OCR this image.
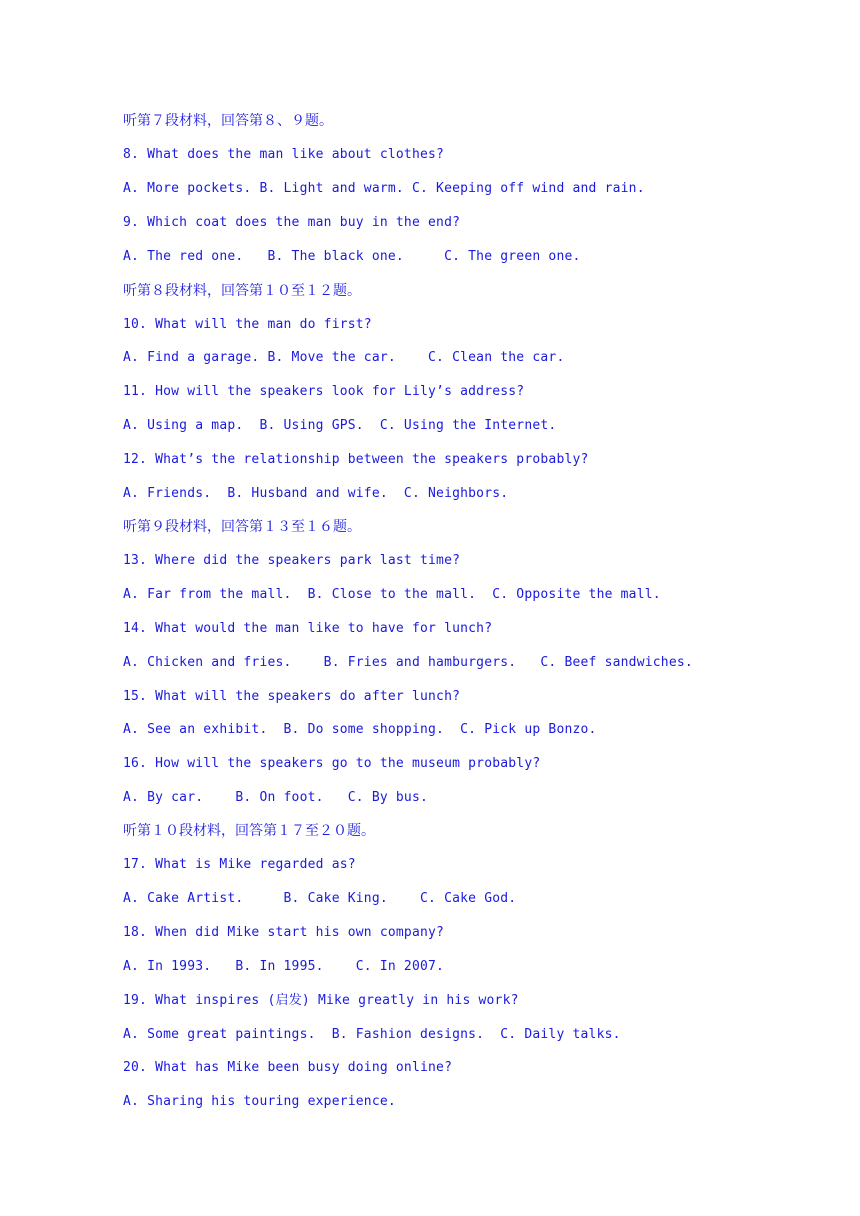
听第７段材料，回答第８、９题。
8. What does the man like about clothes?
A. More pockets. B. Light and warm. C. Keeping off wind and rain.
9. Which coat does the man buy in the end?
A. The red one.   B. The black one.     C. The green one.
听第８段材料，回答第１０至１２题。
10. What will the man do first?
A. Find a garage. B. Move the car.    C. Clean the car.
11. How will the speakers look for Lily’s address?
A. Using a map.  B. Using GPS.  C. Using the Internet.
12. What’s the relationship between the speakers probably?
A. Friends.  B. Husband and wife.  C. Neighbors.
听第９段材料，回答第１３至１６题。
13. Where did the speakers park last time?
A. Far from the mall.  B. Close to the mall.  C. Opposite the mall.
14. What would the man like to have for lunch?
A. Chicken and fries.    B. Fries and hamburgers.   C. Beef sandwiches.
15. What will the speakers do after lunch?
A. See an exhibit.  B. Do some shopping.  C. Pick up Bonzo.
16. How will the speakers go to the museum probably?
A. By car.    B. On foot.   C. By bus.
听第１０段材料，回答第１７至２０题。
17. What is Mike regarded as?
A. Cake Artist.     B. Cake King.    C. Cake God.
18. When did Mike start his own company?
A. In 1993.   B. In 1995.    C. In 2007.
19. What inspires (启发) Mike greatly in his work?
A. Some great paintings.  B. Fashion designs.  C. Daily talks.
20. What has Mike been busy doing online?
A. Sharing his touring experience.
